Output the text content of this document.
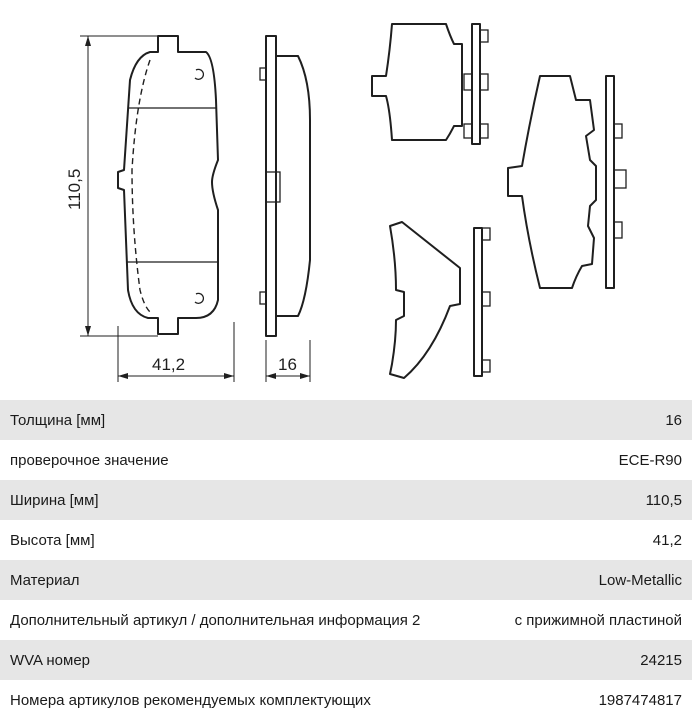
110,5
41,2	16
Толщина [мм]	16
проверочное значение	ECE-R90
Ширина [мм]	110,5
Высота [мм]	41,2
Материал	Low-Metallic
Дополнительный артикул / дополнительная информация 2	с прижимной пластиной
WVA номер	24215
Номера артикулов рекомендуемых комплектующих	1987474817
